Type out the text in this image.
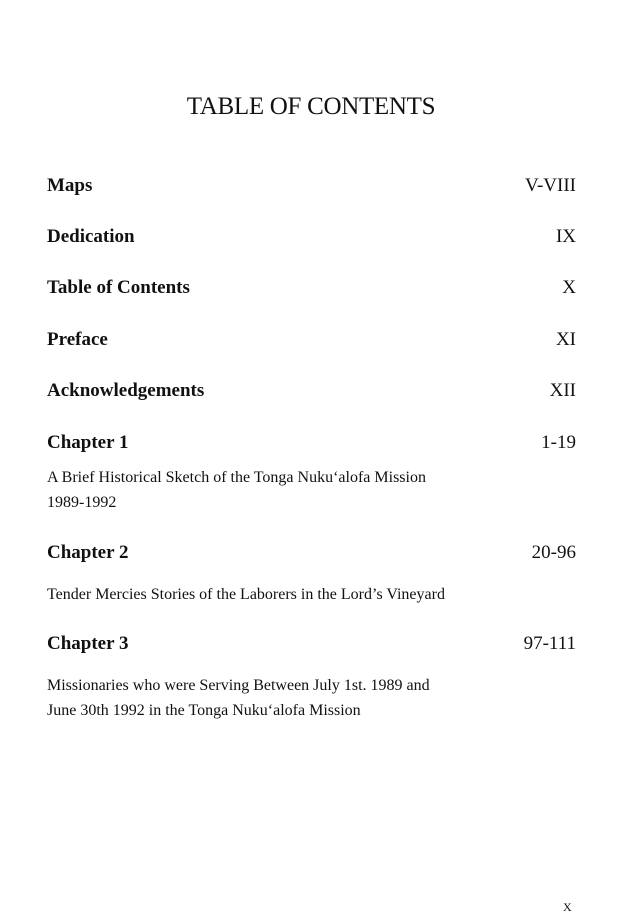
TABLE OF CONTENTS
Maps	V-VIII
Dedication	IX
Table of Contents	X
Preface	XI
Acknowledgements	XII
Chapter 1	1-19
A Brief Historical Sketch of the Tonga Nuku‘alofa Mission
1989-1992
Chapter 2	20-96
Tender Mercies Stories of the Laborers in the Lord’s Vineyard
Chapter 3	97-111
Missionaries who were Serving Between July 1st. 1989 and
June 30th 1992 in the Tonga Nuku‘alofa Mission
X
